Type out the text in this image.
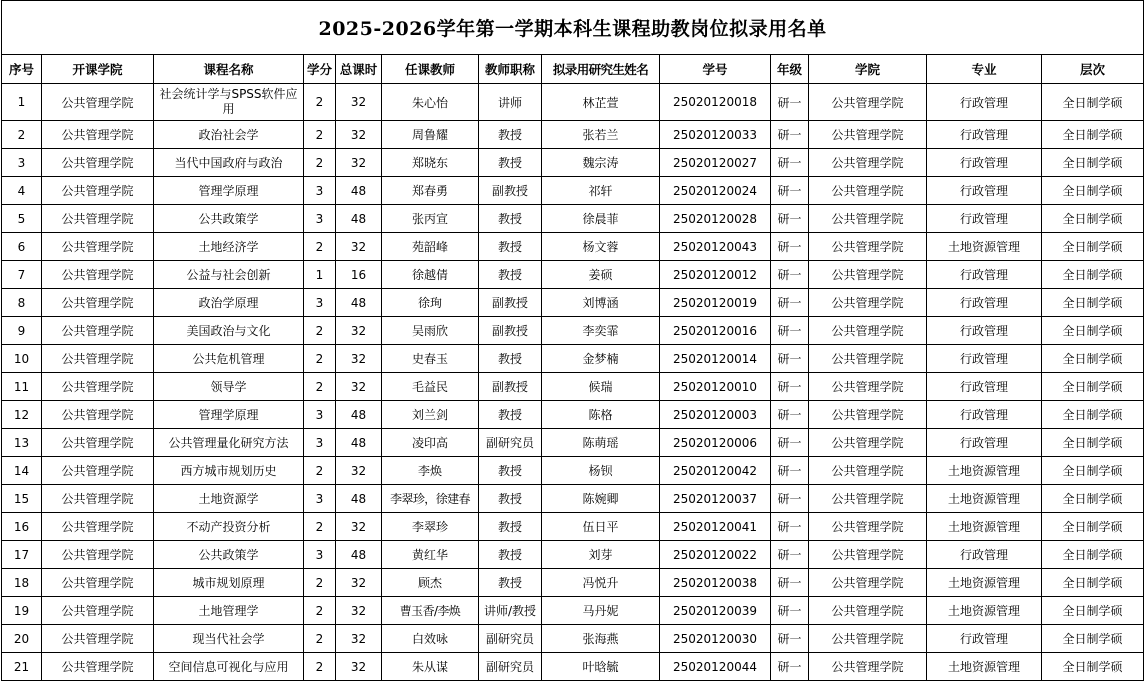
2025-2026学年第一学期本科生课程助教岗位拟录用名单												
序号	开课学院	课程名称	学分	总课时	任课教师	教师职称	拟录用研究生姓名	学号	年级	学院	专业	层次
1	公共管理学院	社会统计学与SPSS软件应用	2	32	朱心怡	讲师	林芷萱	25020120018	研一	公共管理学院	行政管理	全日制学硕
2	公共管理学院	政治社会学	2	32	周鲁耀	教授	张若兰	25020120033	研一	公共管理学院	行政管理	全日制学硕
3	公共管理学院	当代中国政府与政治	2	32	郑晓东	教授	魏宗涛	25020120027	研一	公共管理学院	行政管理	全日制学硕
4	公共管理学院	管理学原理	3	48	郑春勇	副教授	祁轩	25020120024	研一	公共管理学院	行政管理	全日制学硕
5	公共管理学院	公共政策学	3	48	张丙宣	教授	徐晨菲	25020120028	研一	公共管理学院	行政管理	全日制学硕
6	公共管理学院	土地经济学	2	32	苑韶峰	教授	杨文蓉	25020120043	研一	公共管理学院	土地资源管理	全日制学硕
7	公共管理学院	公益与社会创新	1	16	徐越倩	教授	姜硕	25020120012	研一	公共管理学院	行政管理	全日制学硕
8	公共管理学院	政治学原理	3	48	徐珣	副教授	刘博涵	25020120019	研一	公共管理学院	行政管理	全日制学硕
9	公共管理学院	美国政治与文化	2	32	吴雨欣	副教授	李奕霏	25020120016	研一	公共管理学院	行政管理	全日制学硕
10	公共管理学院	公共危机管理	2	32	史春玉	教授	金梦楠	25020120014	研一	公共管理学院	行政管理	全日制学硕
11	公共管理学院	领导学	2	32	毛益民	副教授	候瑞	25020120010	研一	公共管理学院	行政管理	全日制学硕
12	公共管理学院	管理学原理	3	48	刘兰剑	教授	陈格	25020120003	研一	公共管理学院	行政管理	全日制学硕
13	公共管理学院	公共管理量化研究方法	3	48	凌印高	副研究员	陈萌瑶	25020120006	研一	公共管理学院	行政管理	全日制学硕
14	公共管理学院	西方城市规划历史	2	32	李焕	教授	杨钡	25020120042	研一	公共管理学院	土地资源管理	全日制学硕
15	公共管理学院	土地资源学	3	48	李翠珍，徐建春	教授	陈婉卿	25020120037	研一	公共管理学院	土地资源管理	全日制学硕
16	公共管理学院	不动产投资分析	2	32	李翠珍	教授	伍日平	25020120041	研一	公共管理学院	土地资源管理	全日制学硕
17	公共管理学院	公共政策学	3	48	黄红华	教授	刘芽	25020120022	研一	公共管理学院	行政管理	全日制学硕
18	公共管理学院	城市规划原理	2	32	顾杰	教授	冯悦升	25020120038	研一	公共管理学院	土地资源管理	全日制学硕
19	公共管理学院	土地管理学	2	32	曹玉香/李焕	讲师/教授	马丹妮	25020120039	研一	公共管理学院	土地资源管理	全日制学硕
20	公共管理学院	现当代社会学	2	32	白效咏	副研究员	张海燕	25020120030	研一	公共管理学院	行政管理	全日制学硕
21	公共管理学院	空间信息可视化与应用	2	32	朱从谋	副研究员	叶晗毓	25020120044	研一	公共管理学院	土地资源管理	全日制学硕
